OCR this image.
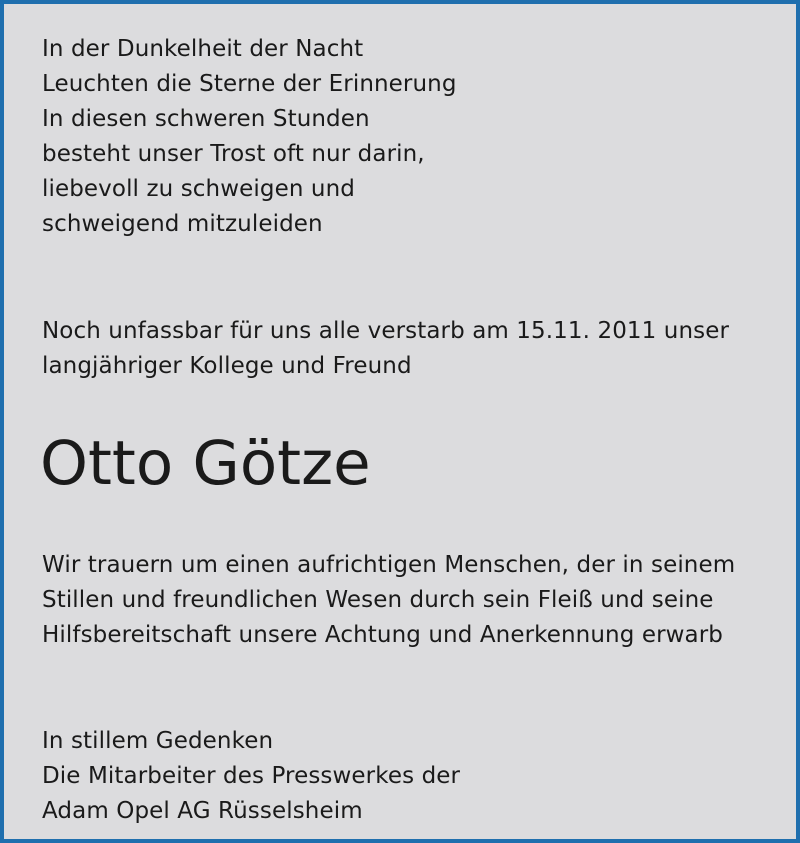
In der Dunkelheit der Nacht

Leuchten die Sterne der Erinnerung

In diesen schweren Stunden

besteht unser Trost oft nur darin,

liebevoll zu schweigen und

schweigend mitzuleiden

Noch unfassbar für uns alle verstarb am 15.11. 2011 unser

langjähriger Kollege und Freund

Otto Götze

Wir trauern um einen aufrichtigen Menschen, der in seinem

Stillen und freundlichen Wesen durch sein Fleiß und seine

Hilfsbereitschaft unsere Achtung und Anerkennung erwarb

In stillem Gedenken

Die Mitarbeiter des Presswerkes der

Adam Opel AG Rüsselsheim
